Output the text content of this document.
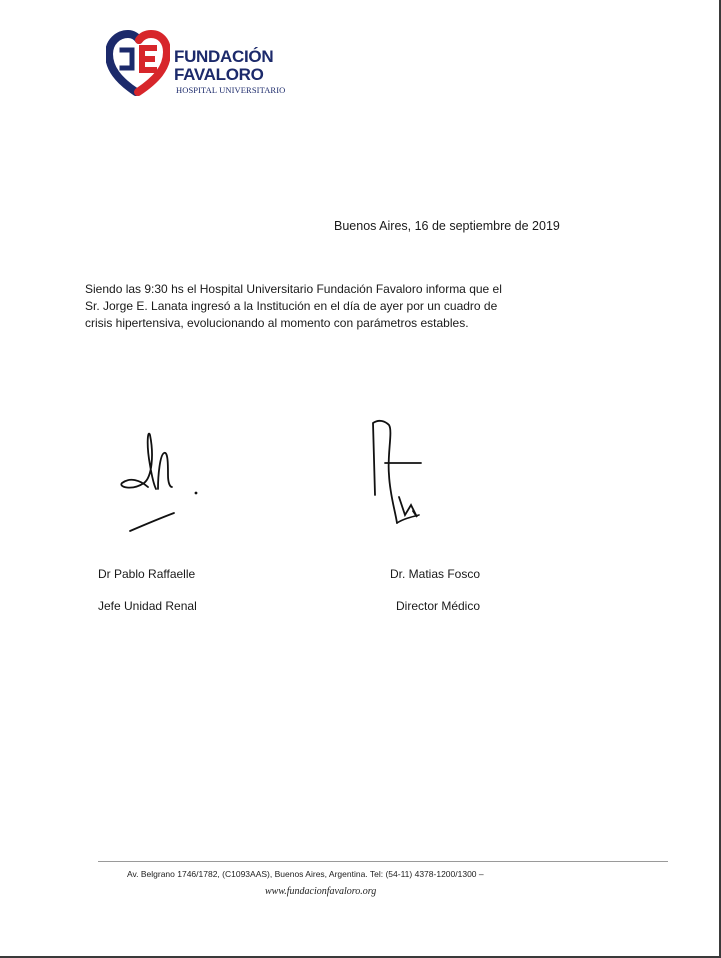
FUNDACIÓN
FAVALORO
HOSPITAL UNIVERSITARIO
Buenos Aires, 16 de septiembre de 2019
Siendo las 9:30 hs el Hospital Universitario Fundación Favaloro informa que el
Sr. Jorge E. Lanata ingresó a la Institución en el día de ayer por un cuadro de
crisis hipertensiva, evolucionando al momento con parámetros estables.
Dr Pablo Raffaelle
Jefe Unidad Renal
Dr. Matias Fosco
Director Médico
Av. Belgrano 1746/1782, (C1093AAS), Buenos Aires, Argentina. Tel: (54-11) 4378-1200/1300 –
www.fundacionfavaloro.org
